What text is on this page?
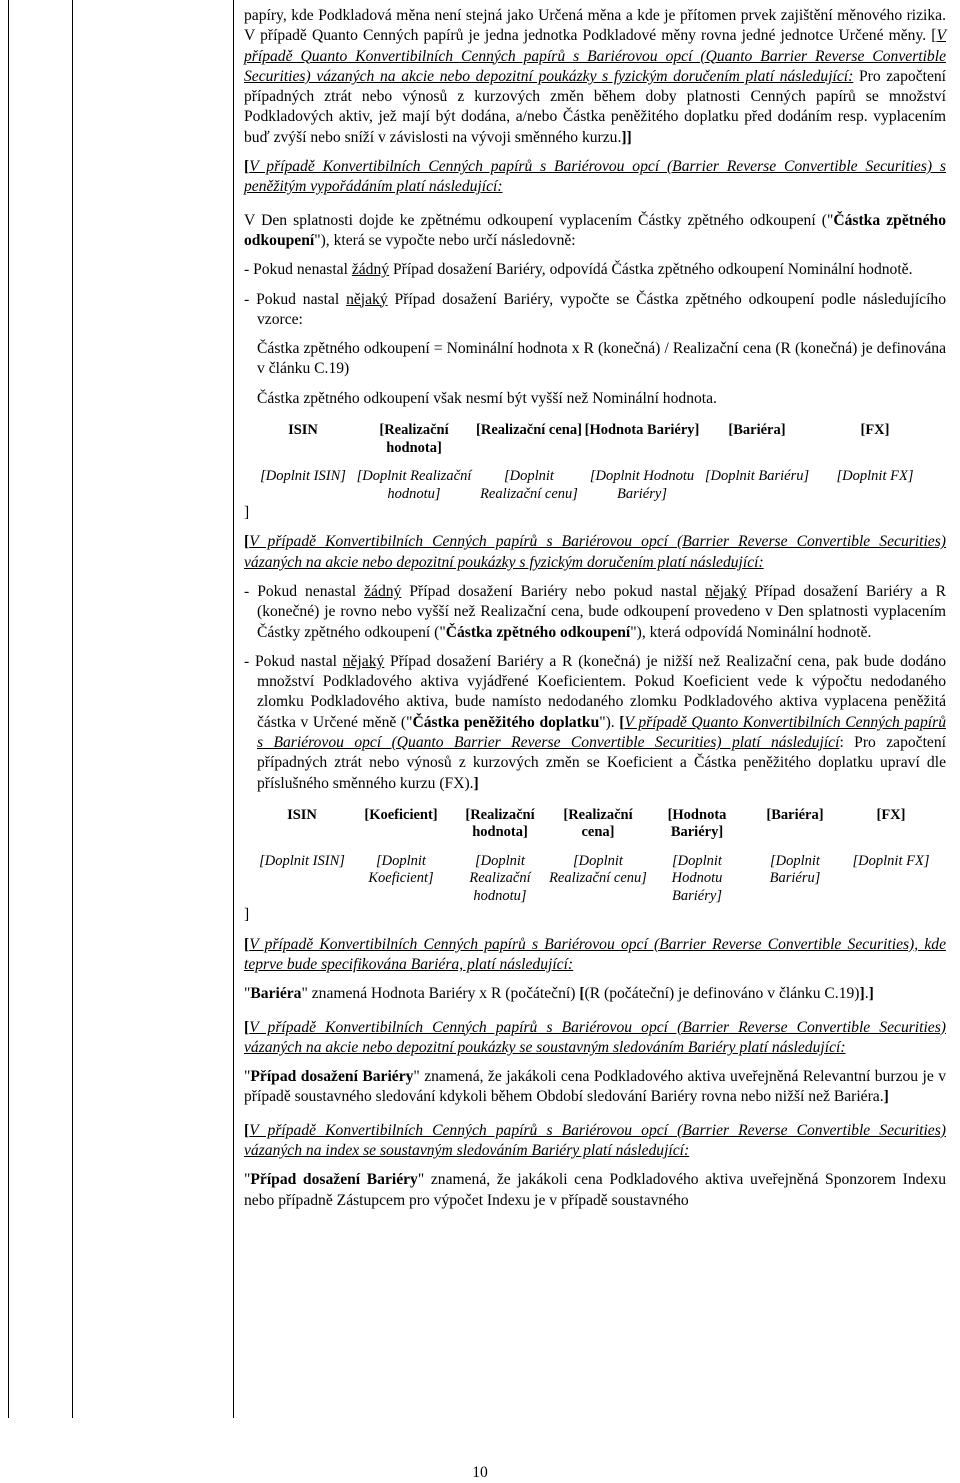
papíry, kde Podkladová měna není stejná jako Určená měna a kde je přítomen prvek zajištění měnového rizika. V případě Quanto Cenných papírů je jedna jednotka Podkladové měny rovna jedné jednotce Určené měny. [V případě Quanto Konvertibilních Cenných papírů s Bariérovou opcí (Quanto Barrier Reverse Convertible Securities) vázaných na akcie nebo depozitní poukázky s fyzickým doručením platí následující: Pro započtení případných ztrát nebo výnosů z kurzových změn během doby platnosti Cenných papírů se množství Podkladových aktiv, jež mají být dodána, a/nebo Částka peněžitého doplatku před dodáním resp. vyplacením buď zvýší nebo sníží v závislosti na vývoji směnného kurzu.]]

[V případě Konvertibilních Cenných papírů s Bariérovou opcí (Barrier Reverse Convertible Securities) s peněžitým vypořádáním platí následující:

V Den splatnosti dojde ke zpětnému odkoupení vyplacením Částky zpětného odkoupení ("Částka zpětného odkoupení"), která se vypočte nebo určí následovně:

- Pokud nenastal žádný Případ dosažení Bariéry, odpovídá Částka zpětného odkoupení Nominální hodnotě.

- Pokud nastal nějaký Případ dosažení Bariéry, vypočte se Částka zpětného odkoupení podle následujícího vzorce:

Částka zpětného odkoupení = Nominální hodnota x R (konečná) / Realizační cena (R (konečná) je definována v článku C.19)

Částka zpětného odkoupení však nesmí být vyšší než Nominální hodnota.

ISIN	[Realizační hodnota]	[Realizační cena]	[Hodnota Bariéry]	[Bariéra]	[FX]
[Doplnit ISIN]	[Doplnit Realizační hodnotu]	[Doplnit Realizační cenu]	[Doplnit Hodnotu Bariéry]	[Doplnit Bariéru]	[Doplnit FX]

]

[V případě Konvertibilních Cenných papírů s Bariérovou opcí (Barrier Reverse Convertible Securities) vázaných na akcie nebo depozitní poukázky s fyzickým doručením platí následující:

- Pokud nenastal žádný Případ dosažení Bariéry nebo pokud nastal nějaký Případ dosažení Bariéry a R (konečné) je rovno nebo vyšší než Realizační cena, bude odkoupení provedeno v Den splatnosti vyplacením Částky zpětného odkoupení ("Částka zpětného odkoupení"), která odpovídá Nominální hodnotě.

- Pokud nastal nějaký Případ dosažení Bariéry a R (konečná) je nižší než Realizační cena, pak bude dodáno množství Podkladového aktiva vyjádřené Koeficientem. Pokud Koeficient vede k výpočtu nedodaného zlomku Podkladového aktiva, bude namísto nedodaného zlomku Podkladového aktiva vyplacena peněžitá částka v Určené měně ("Částka peněžitého doplatku"). [V případě Quanto Konvertibilních Cenných papírů s Bariérovou opcí (Quanto Barrier Reverse Convertible Securities) platí následující: Pro započtení případných ztrát nebo výnosů z kurzových změn se Koeficient a Částka peněžitého doplatku upraví dle příslušného směnného kurzu (FX).]

ISIN	[Koeficient]	[Realizační hodnota]	[Realizační cena]	[Hodnota Bariéry]	[Bariéra]	[FX]
[Doplnit ISIN]	[Doplnit Koeficient]	[Doplnit Realizační hodnotu]	[Doplnit Realizační cenu]	[Doplnit Hodnotu Bariéry]	[Doplnit Bariéru]	[Doplnit FX]

]

[V případě Konvertibilních Cenných papírů s Bariérovou opcí (Barrier Reverse Convertible Securities), kde teprve bude specifikována Bariéra, platí následující:

"Bariéra" znamená Hodnota Bariéry x R (počáteční) [(R (počáteční) je definováno v článku C.19)].]

[V případě Konvertibilních Cenných papírů s Bariérovou opcí (Barrier Reverse Convertible Securities) vázaných na akcie nebo depozitní poukázky se soustavným sledováním Bariéry platí následující:

"Případ dosažení Bariéry" znamená, že jakákoli cena Podkladového aktiva uveřejněná Relevantní burzou je v případě soustavného sledování kdykoli během Období sledování Bariéry rovna nebo nižší než Bariéra.]

[V případě Konvertibilních Cenných papírů s Bariérovou opcí (Barrier Reverse Convertible Securities) vázaných na index se soustavným sledováním Bariéry platí následující:

"Případ dosažení Bariéry" znamená, že jakákoli cena Podkladového aktiva uveřejněná Sponzorem Indexu nebo případně Zástupcem pro výpočet Indexu je v případě soustavného

10
